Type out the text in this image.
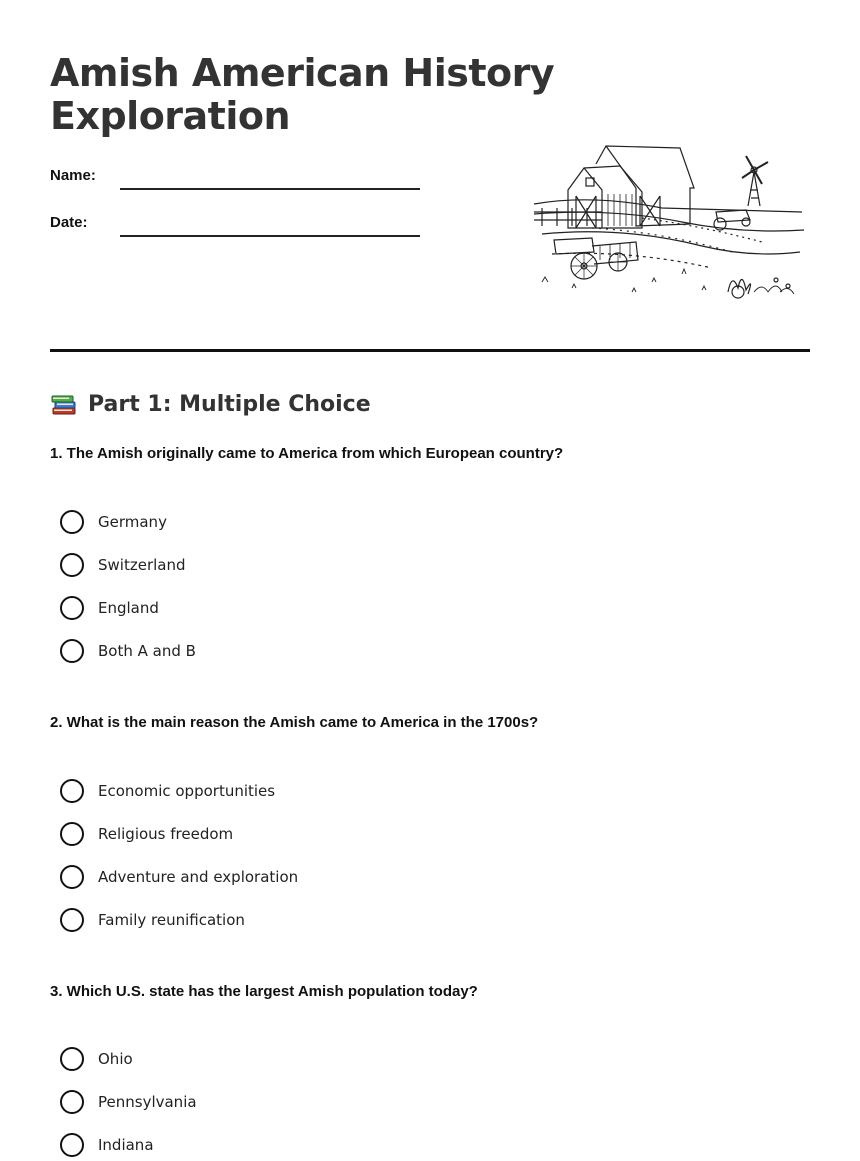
Amish American History Exploration
Name:
Date:
Part 1: Multiple Choice
1. The Amish originally came to America from which European country?
Germany
Switzerland
England
Both A and B
2. What is the main reason the Amish came to America in the 1700s?
Economic opportunities
Religious freedom
Adventure and exploration
Family reunification
3. Which U.S. state has the largest Amish population today?
Ohio
Pennsylvania
Indiana
